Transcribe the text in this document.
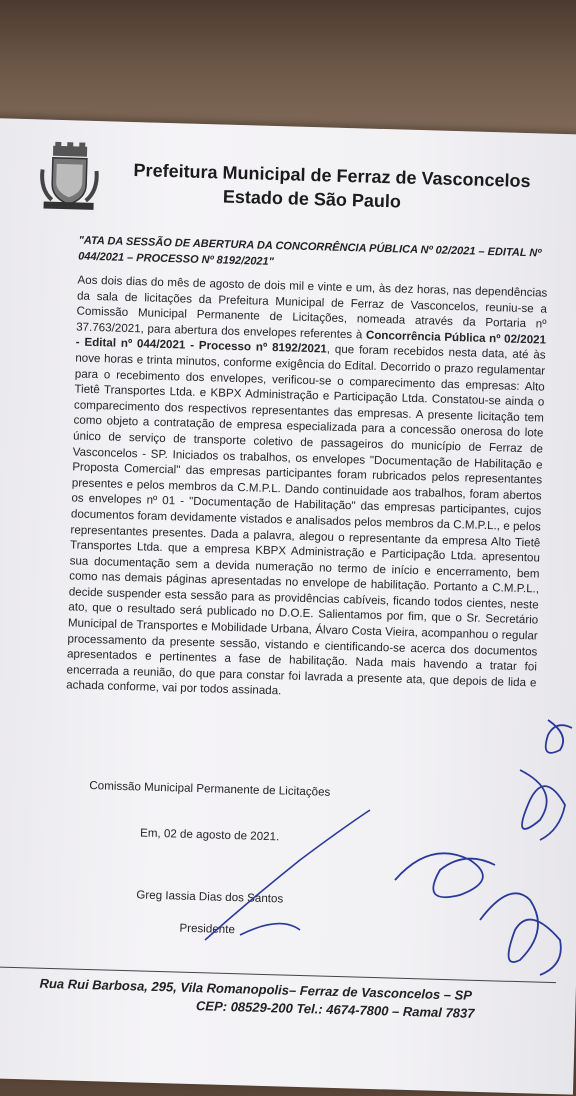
Prefeitura Municipal de Ferraz de Vasconcelos
Estado de São Paulo
"ATA DA SESSÃO DE ABERTURA DA CONCORRÊNCIA PÚBLICA Nº 02/2021 – EDITAL Nº 044/2021 – PROCESSO Nº 8192/2021"
Aos dois dias do mês de agosto de dois mil e vinte e um, às dez horas, nas dependências da sala de licitações da Prefeitura Municipal de Ferraz de Vasconcelos, reuniu-se a Comissão Municipal Permanente de Licitações, nomeada através da Portaria nº 37.763/2021, para abertura dos envelopes referentes à Concorrência Pública nº 02/2021 - Edital nº 044/2021 - Processo nº 8192/2021, que foram recebidos nesta data, até às nove horas e trinta minutos, conforme exigência do Edital. Decorrido o prazo regulamentar para o recebimento dos envelopes, verificou-se o comparecimento das empresas: Alto Tietê Transportes Ltda. e KBPX Administração e Participação Ltda. Constatou-se ainda o comparecimento dos respectivos representantes das empresas. A presente licitação tem como objeto a contratação de empresa especializada para a concessão onerosa do lote único de serviço de transporte coletivo de passageiros do município de Ferraz de Vasconcelos - SP. Iniciados os trabalhos, os envelopes "Documentação de Habilitação e Proposta Comercial" das empresas participantes foram rubricados pelos representantes presentes e pelos membros da C.M.P.L. Dando continuidade aos trabalhos, foram abertos os envelopes nº 01 - "Documentação de Habilitação" das empresas participantes, cujos documentos foram devidamente vistados e analisados pelos membros da C.M.P.L., e pelos representantes presentes. Dada a palavra, alegou o representante da empresa Alto Tietê Transportes Ltda. que a empresa KBPX Administração e Participação Ltda. apresentou sua documentação sem a devida numeração no termo de início e encerramento, bem como nas demais páginas apresentadas no envelope de habilitação. Portanto a C.M.P.L., decide suspender esta sessão para as providências cabíveis, ficando todos cientes, neste ato, que o resultado será publicado no D.O.E. Salientamos por fim, que o Sr. Secretário Municipal de Transportes e Mobilidade Urbana, Álvaro Costa Vieira, acompanhou o regular processamento da presente sessão, vistando e cientificando-se acerca dos documentos apresentados e pertinentes a fase de habilitação. Nada mais havendo a tratar foi encerrada a reunião, do que para constar foi lavrada a presente ata, que depois de lida e achada conforme, vai por todos assinada.
Comissão Municipal Permanente de Licitações
Em, 02 de agosto de 2021.
Greg Iassia Dias dos Santos
Presidente
Rua Rui Barbosa, 295, Vila Romanopolis– Ferraz de Vasconcelos – SP
CEP: 08529-200 Tel.: 4674-7800 – Ramal 7837
